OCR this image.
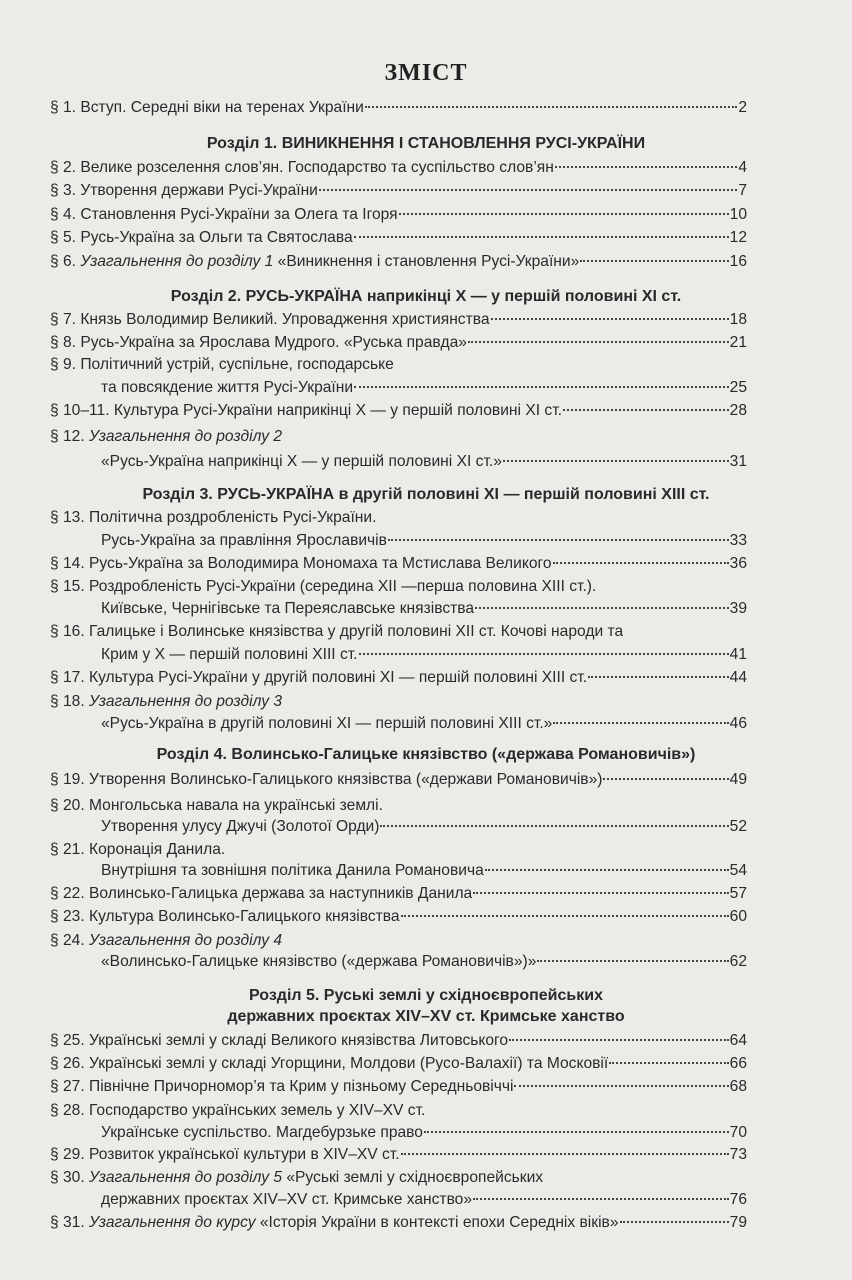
ЗМІСТ
§ 1. Вступ. Середні віки на теренах України	2
Розділ 1. ВИНИКНЕННЯ І СТАНОВЛЕННЯ РУСІ-УКРАЇНИ
§ 2. Велике розселення слов’ян. Господарство та суспільство слов’ян	4
§ 3. Утворення держави Русі-України	7
§ 4. Становлення Русі-України за Олега та Ігоря	10
§ 5. Русь-Україна за Ольги та Святослава	12
§ 6. Узагальнення до розділу 1 «Виникнення і становлення Русі-України»	16
Розділ 2. РУСЬ-УКРАЇНА наприкінці Х — у першій половині ХІ ст.
§ 7. Князь Володимир Великий. Упровадження християнства	18
§ 8. Русь-Україна за Ярослава Мудрого. «Руська правда»	21
§ 9. Політичний устрій, суспільне, господарське
та повсякдение життя Русі-України	25
§ 10–11. Культура Русі-України наприкінці Х — у першій половині ХІ ст.	28
§ 12. Узагальнення до розділу 2
«Русь-Україна наприкінці Х — у першій половині ХІ ст.»	31
Розділ 3. РУСЬ-УКРАЇНА в другій половині ХІ — першій половині ХІІІ ст.
§ 13. Політична роздробленість Русі-України.
Русь-Україна за правління Ярославичів	33
§ 14. Русь-Україна за Володимира Мономаха та Мстислава Великого	36
§ 15. Роздробленість Русі-України (середина ХІІ —перша половина ХІІІ ст.).
Київське, Чернігівське та Переяславське князівства	39
§ 16. Галицьке і Волинське князівства у другій половині ХІІ ст. Кочові народи та
Крим у Х — першій половині ХІІІ ст.	41
§ 17. Культура Русі-України у другій половині ХІ — першій половині ХІІІ ст.	44
§ 18. Узагальнення до розділу 3
«Русь-Україна в другій половині ХІ — першій половині ХІІІ ст.»	46
Розділ 4. Волинсько-Галицьке князівство («держава Романовичів»)
§ 19. Утворення Волинсько-Галицького князівства («держави Романовичів»)	49
§ 20. Монгольська навала на українські землі.
Утворення улусу Джучі (Золотої Орди)	52
§ 21. Коронація Данила.
Внутрішня та зовнішня політика Данила Романовича	54
§ 22. Волинсько-Галицька держава за наступників Данила	57
§ 23. Культура Волинсько-Галицького князівства	60
§ 24. Узагальнення до розділу 4
«Волинсько-Галицьке князівство («держава Романовичів»)»	62
Розділ 5. Руські землі у східноєвропейських
державних проєктах XIV–XV ст. Кримське ханство
§ 25. Українські землі у складі Великого князівства Литовського	64
§ 26. Українські землі у складі Угорщини, Молдови (Русо-Валахії) та Московії	66
§ 27. Північне Причорномор’я та Крим у пізньому Середньовіччі	68
§ 28. Господарство українських земель у XIV–XV ст.
Українське суспільство. Магдебурзьке право	70
§ 29. Розвиток української культури в XIV–XV ст.	73
§ 30. Узагальнення до розділу 5 «Руські землі у східноєвропейських
державних проєктах XIV–XV ст. Кримське ханство»	76
§ 31. Узагальнення до курсу «Історія України в контексті епохи Середніх віків»	79
